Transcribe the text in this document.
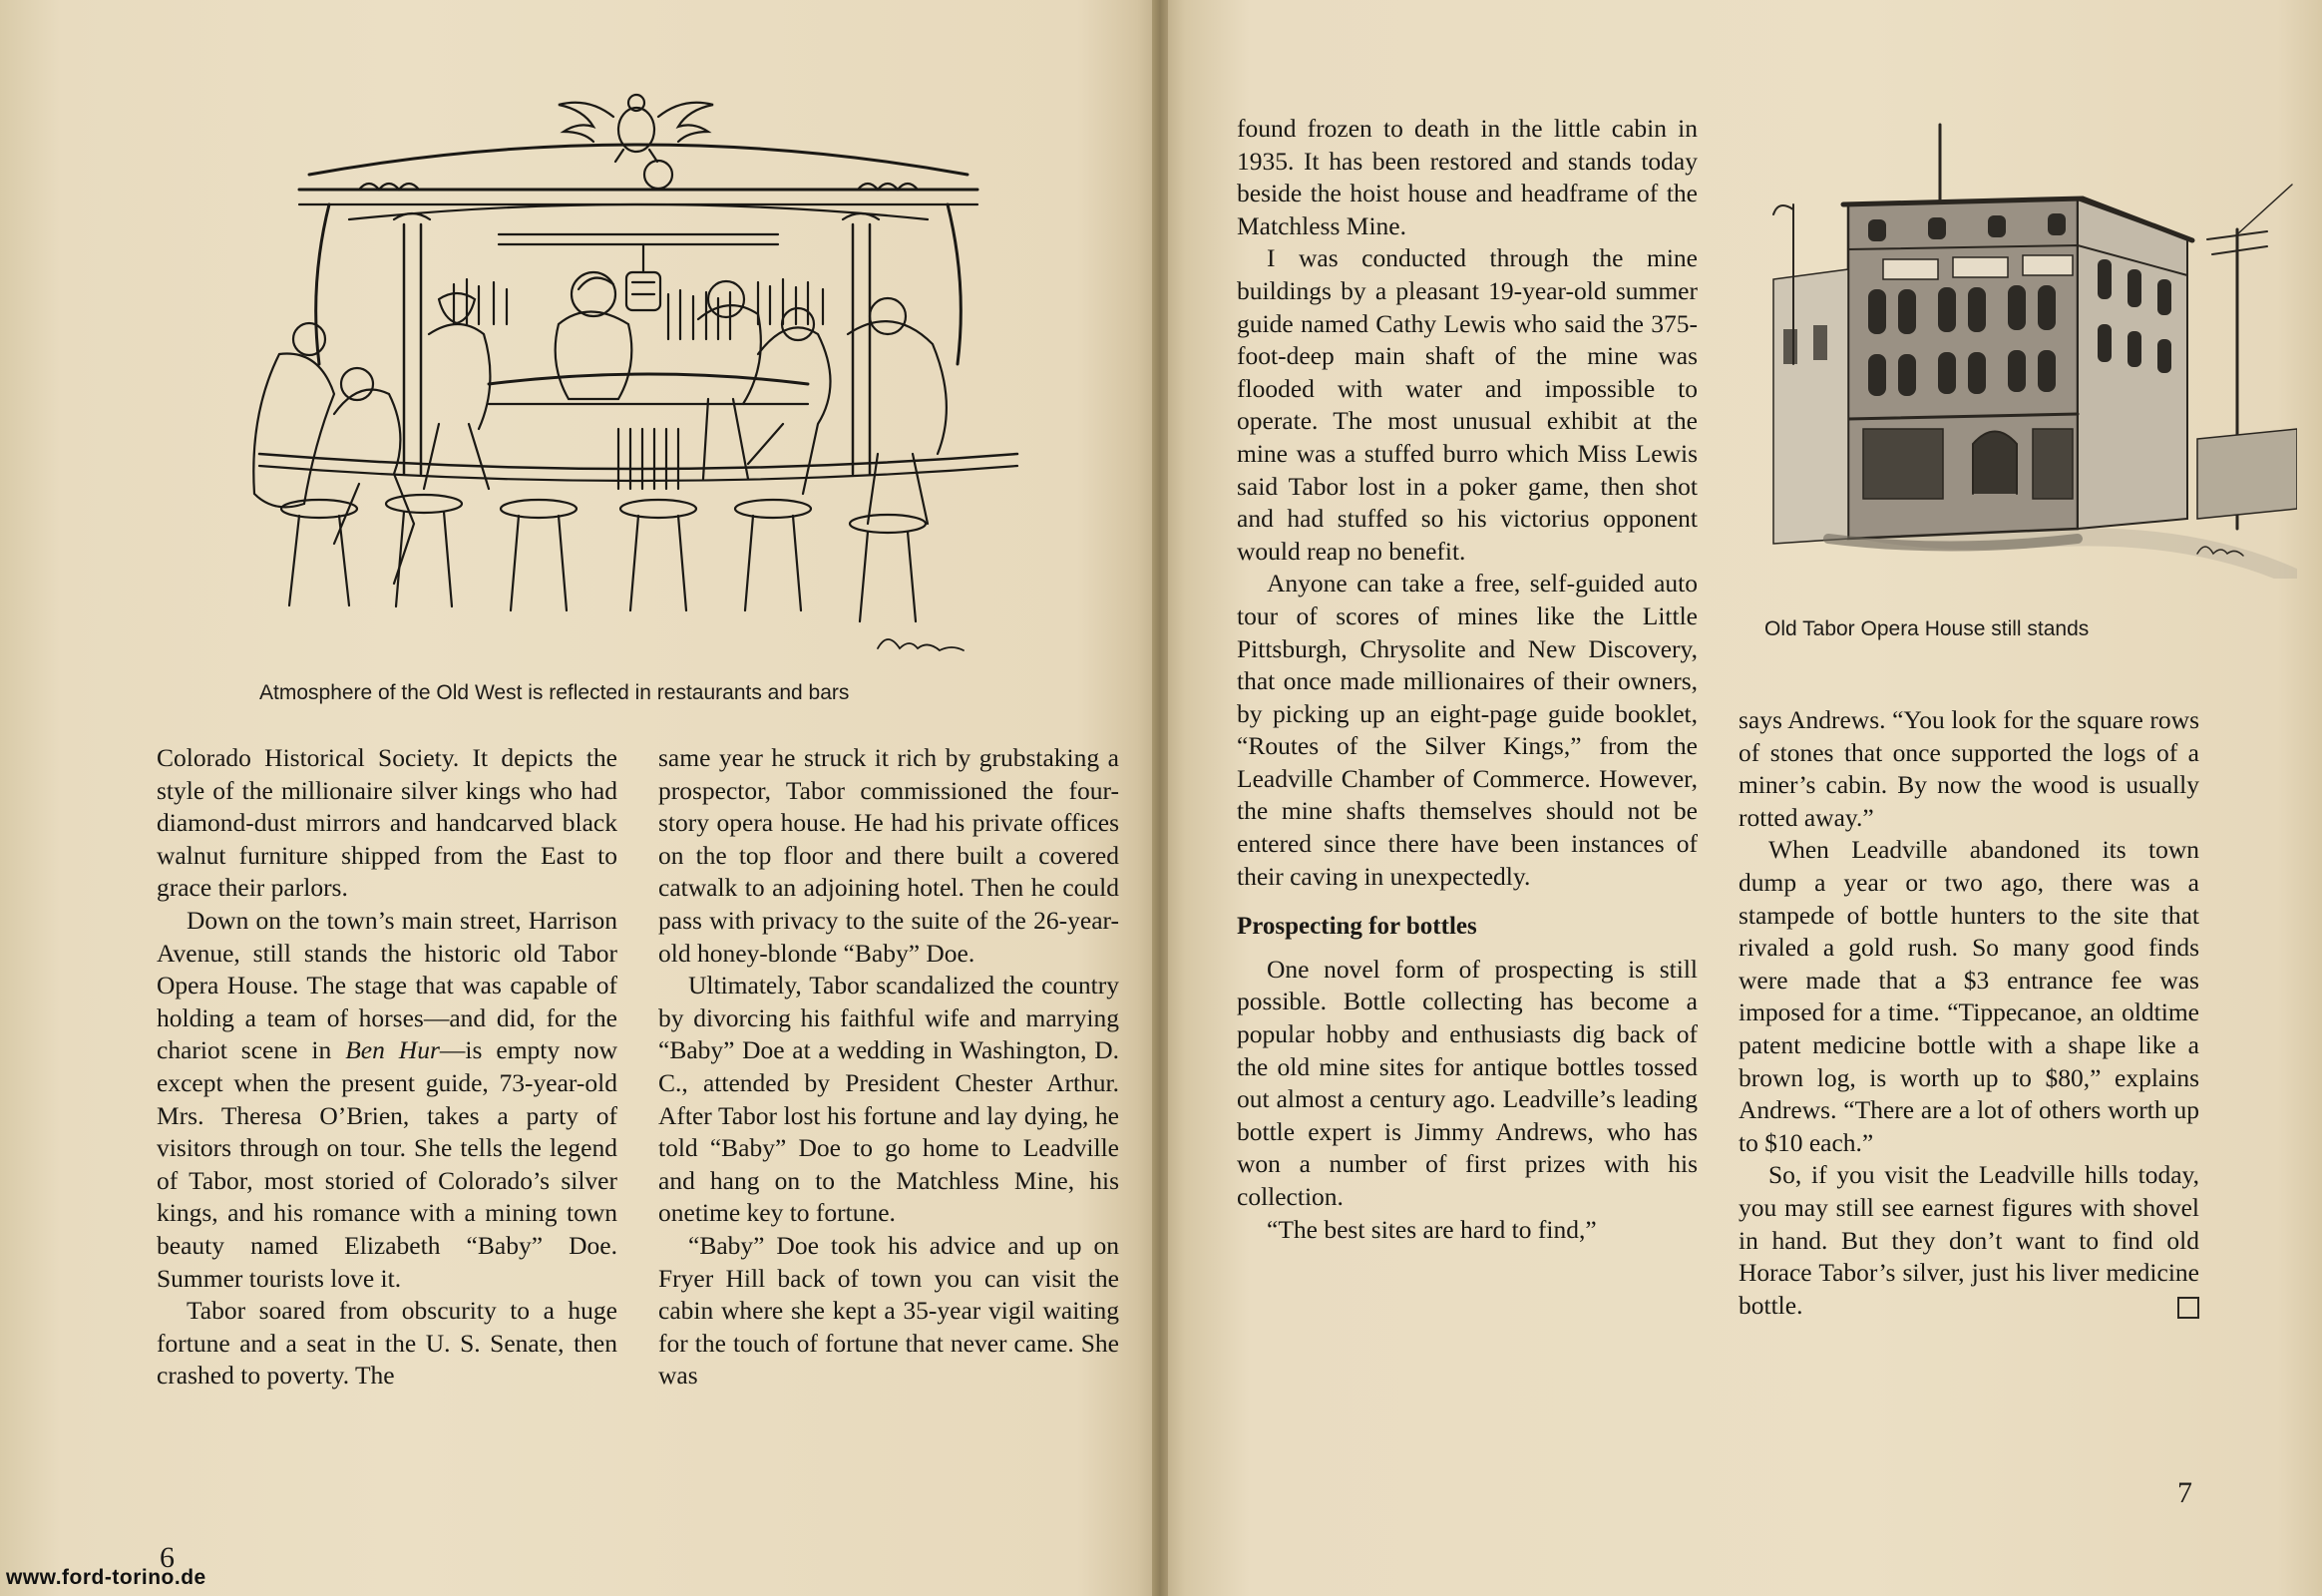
Atmosphere of the Old West is reflected in restaurants and bars

Colorado Historical Society. It depicts the style of the millionaire silver kings who had diamond-dust mirrors and handcarved black walnut furniture shipped from the East to grace their parlors.

Down on the town’s main street, Harrison Avenue, still stands the historic old Tabor Opera House. The stage that was capable of holding a team of horses—and did, for the chariot scene in Ben Hur—is empty now except when the present guide, 73-year-old Mrs. Theresa O’Brien, takes a party of visitors through on tour. She tells the legend of Tabor, most storied of Colorado’s silver kings, and his romance with a mining town beauty named Elizabeth “Baby” Doe. Summer tourists love it.

Tabor soared from obscurity to a huge fortune and a seat in the U. S. Senate, then crashed to poverty. The

same year he struck it rich by grubstaking a prospector, Tabor commissioned the four-story opera house. He had his private offices on the top floor and there built a covered catwalk to an adjoining hotel. Then he could pass with privacy to the suite of the 26-year-old honey-blonde “Baby” Doe.

Ultimately, Tabor scandalized the country by divorcing his faithful wife and marrying “Baby” Doe at a wedding in Washington, D. C., attended by President Chester Arthur. After Tabor lost his fortune and lay dying, he told “Baby” Doe to go home to Leadville and hang on to the Matchless Mine, his onetime key to fortune.

“Baby” Doe took his advice and up on Fryer Hill back of town you can visit the cabin where she kept a 35-year vigil waiting for the touch of fortune that never came. She was

6
www.ford-torino.de

found frozen to death in the little cabin in 1935. It has been restored and stands today beside the hoist house and headframe of the Matchless Mine.

I was conducted through the mine buildings by a pleasant 19-year-old summer guide named Cathy Lewis who said the 375-foot-deep main shaft of the mine was flooded with water and impossible to operate. The most unusual exhibit at the mine was a stuffed burro which Miss Lewis said Tabor lost in a poker game, then shot and had stuffed so his victorius opponent would reap no benefit.

Anyone can take a free, self-guided auto tour of scores of mines like the Little Pittsburgh, Chrysolite and New Discovery, that once made millionaires of their owners, by picking up an eight-page guide booklet, “Routes of the Silver Kings,” from the Leadville Chamber of Commerce. However, the mine shafts themselves should not be entered since there have been instances of their caving in unexpectedly.

Prospecting for bottles

One novel form of prospecting is still possible. Bottle collecting has become a popular hobby and enthusiasts dig back of the old mine sites for antique bottles tossed out almost a century ago. Leadville’s leading bottle expert is Jimmy Andrews, who has won a number of first prizes with his collection.

“The best sites are hard to find,”

Old Tabor Opera House still stands

says Andrews. “You look for the square rows of stones that once supported the logs of a miner’s cabin. By now the wood is usually rotted away.”

When Leadville abandoned its town dump a year or two ago, there was a stampede of bottle hunters to the site that rivaled a gold rush. So many good finds were made that a $3 entrance fee was imposed for a time. “Tippecanoe, an oldtime patent medicine bottle with a shape like a brown log, is worth up to $80,” explains Andrews. “There are a lot of others worth up to $10 each.”

So, if you visit the Leadville hills today, you may still see earnest figures with shovel in hand. But they don’t want to find old Horace Tabor’s silver, just his liver medicine bottle.

7
